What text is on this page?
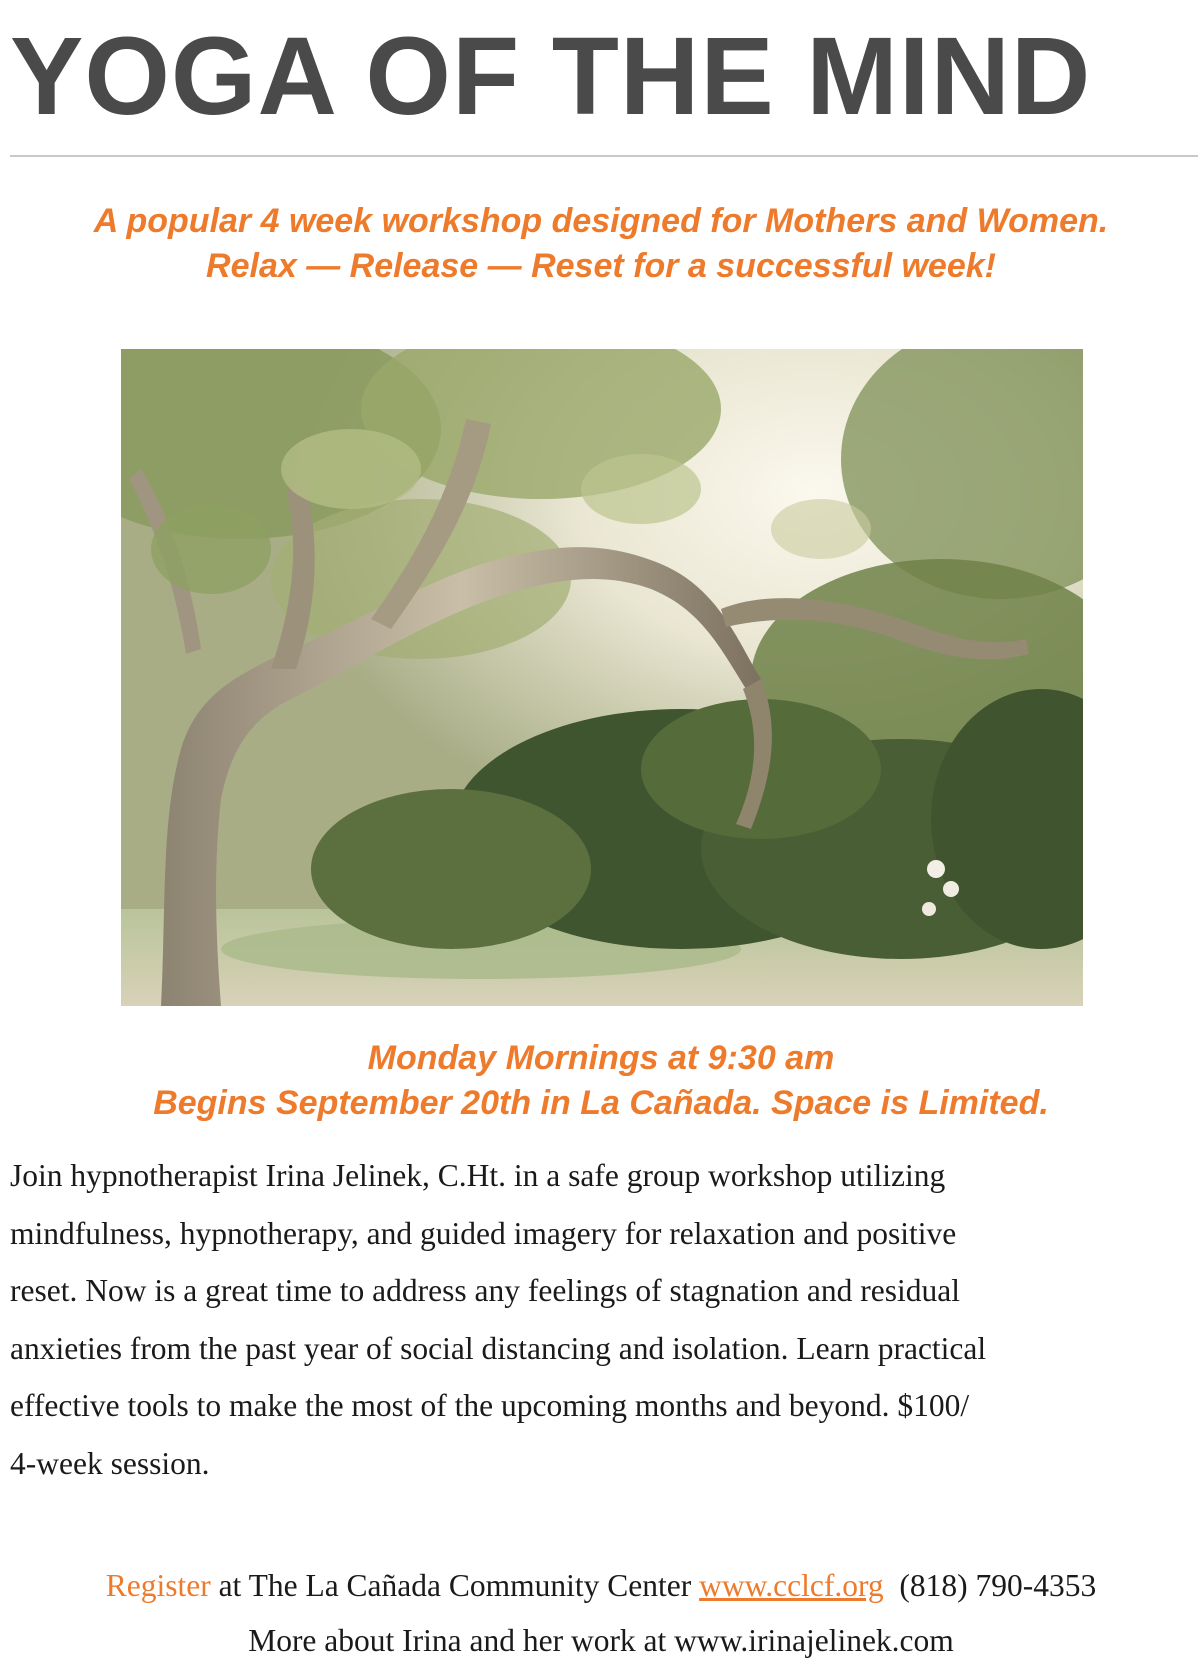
YOGA OF THE MIND
A popular 4 week workshop designed for Mothers and Women.
Relax — Release — Reset for a successful week!
Monday Mornings at 9:30 am
Begins September 20th in La Cañada. Space is Limited.
Join hypnotherapist Irina Jelinek, C.Ht. in a safe group workshop utilizing
mindfulness, hypnotherapy, and guided imagery for relaxation and positive
reset. Now is a great time to address any feelings of stagnation and residual
anxieties from the past year of social distancing and isolation. Learn practical
effective tools to make the most of the upcoming months and beyond. $100/
4-week session.
Register at The La Cañada Community Center www.cclcf.org  (818) 790-4353
More about Irina and her work at www.irinajelinek.com
